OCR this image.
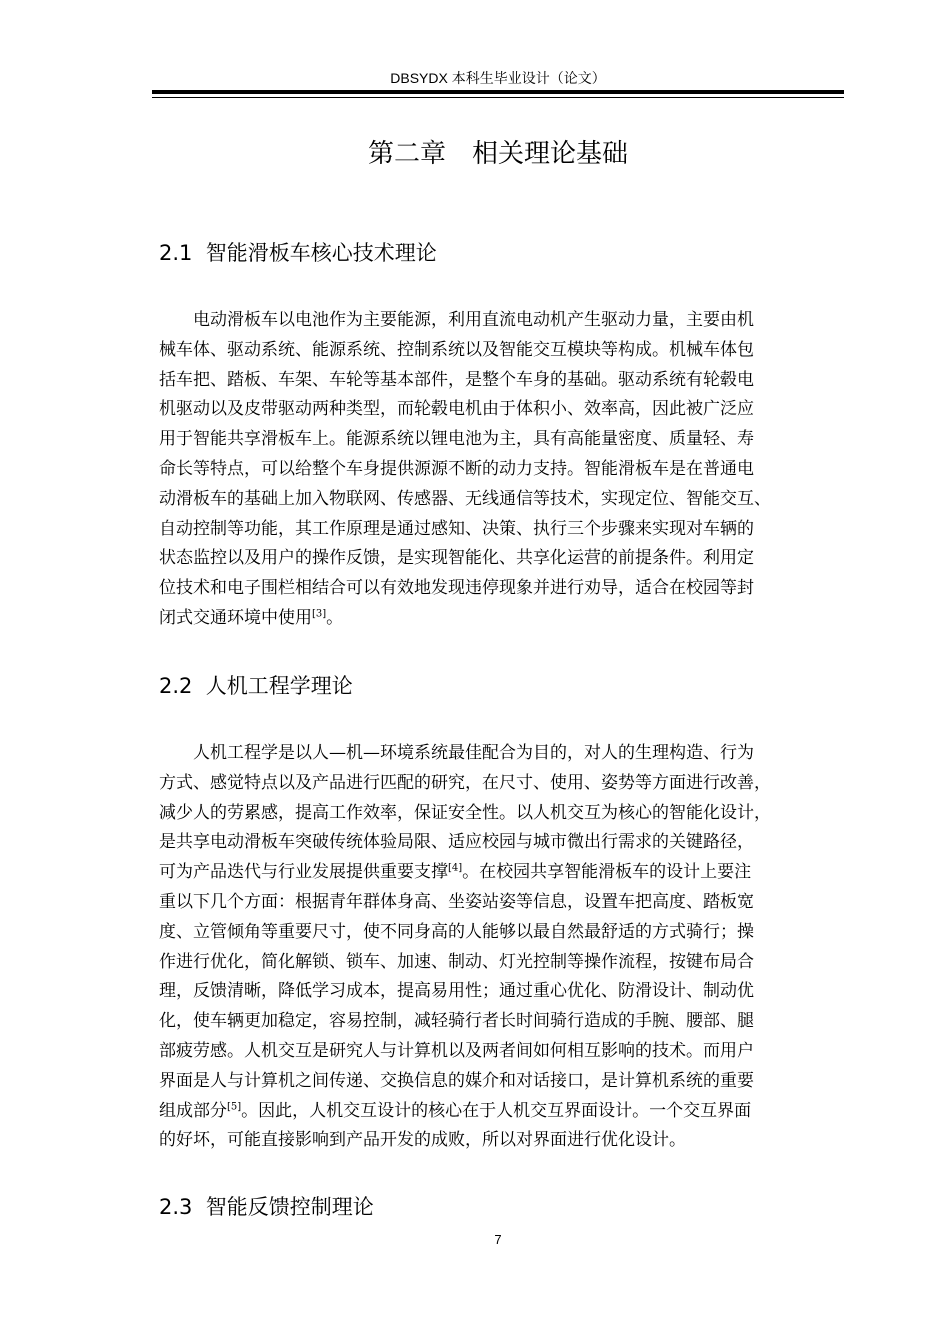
DBSYDX 本科生毕业设计（论文）
第二章　相关理论基础
2.1  智能滑板车核心技术理论
电动滑板车以电池作为主要能源，利用直流电动机产生驱动力量，主要由机
械车体、驱动系统、能源系统、控制系统以及智能交互模块等构成。机械车体包
括车把、踏板、车架、车轮等基本部件，是整个车身的基础。驱动系统有轮毂电
机驱动以及皮带驱动两种类型，而轮毂电机由于体积小、效率高，因此被广泛应
用于智能共享滑板车上。能源系统以锂电池为主，具有高能量密度、质量轻、寿
命长等特点，可以给整个车身提供源源不断的动力支持。智能滑板车是在普通电
动滑板车的基础上加入物联网、传感器、无线通信等技术，实现定位、智能交互、
自动控制等功能，其工作原理是通过感知、决策、执行三个步骤来实现对车辆的
状态监控以及用户的操作反馈，是实现智能化、共享化运营的前提条件。利用定
位技术和电子围栏相结合可以有效地发现违停现象并进行劝导，适合在校园等封
闭式交通环境中使用[3]。
2.2  人机工程学理论
人机工程学是以人—机—环境系统最佳配合为目的，对人的生理构造、行为
方式、感觉特点以及产品进行匹配的研究，在尺寸、使用、姿势等方面进行改善，
减少人的劳累感，提高工作效率，保证安全性。以人机交互为核心的智能化设计，
是共享电动滑板车突破传统体验局限、适应校园与城市微出行需求的关键路径，
可为产品迭代与行业发展提供重要支撑[4]。在校园共享智能滑板车的设计上要注
重以下几个方面：根据青年群体身高、坐姿站姿等信息，设置车把高度、踏板宽
度、立管倾角等重要尺寸，使不同身高的人能够以最自然最舒适的方式骑行；操
作进行优化，简化解锁、锁车、加速、制动、灯光控制等操作流程，按键布局合
理，反馈清晰，降低学习成本，提高易用性；通过重心优化、防滑设计、制动优
化，使车辆更加稳定，容易控制，减轻骑行者长时间骑行造成的手腕、腰部、腿
部疲劳感。人机交互是研究人与计算机以及两者间如何相互影响的技术。而用户
界面是人与计算机之间传递、交换信息的媒介和对话接口，是计算机系统的重要
组成部分[5]。因此，人机交互设计的核心在于人机交互界面设计。一个交互界面
的好坏，可能直接影响到产品开发的成败，所以对界面进行优化设计。
2.3  智能反馈控制理论
7
